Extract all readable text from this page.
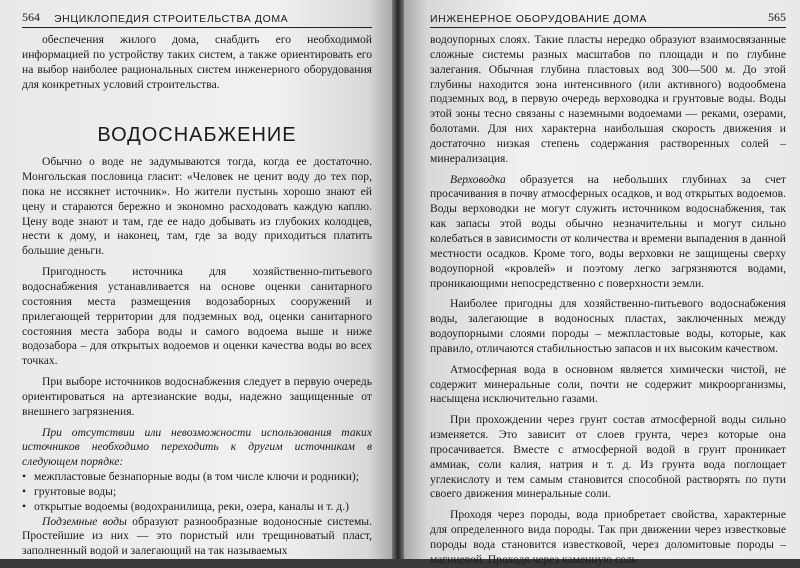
564 ЭНЦИКЛОПЕДИЯ СТРОИТЕЛЬСТВА ДОМА

обеспечения жилого дома, снабдить его необходимой информацией по устройству таких систем, а также ориентировать его на выбор наиболее рациональных систем инженерного оборудования для конкретных условий строительства.

ВОДОСНАБЖЕНИЕ

Обычно о воде не задумываются тогда, когда ее достаточно. Монгольская пословица гласит: «Человек не ценит воду до тех пор, пока не иссякнет источник». Но жители пустынь хорошо знают ей цену и стараются бережно и экономно расходовать каждую каплю. Цену воде знают и там, где ее надо добывать из глубоких колодцев, нести к дому, и наконец, там, где за воду приходиться платить большие деньги.

Пригодность источника для хозяйственно-питьевого водоснабжения устанавливается на основе оценки санитарного состояния места размещения водозаборных сооружений и прилегающей территории для подземных вод, оценки санитарного состояния места забора воды и самого водоема выше и ниже водозабора – для открытых водоемов и оценки качества воды во всех точках.

При выборе источников водоснабжения следует в первую очередь ориентироваться на артезианские воды, надежно защищенные от внешнего загрязнения.

При отсутствии или невозможности использования таких источников необходимо переходить к другим источникам в следующем порядке:

• межпластовые безнапорные воды (в том числе ключи и родники);
• грунтовые воды;
• открытые водоемы (водохранилища, реки, озера, каналы и т. д.)

Подземные воды образуют разнообразные водоносные системы. Простейшие из них — это пористый или трещиноватый пласт, заполненный водой и залегающий на так называемых

ИНЖЕНЕРНОЕ ОБОРУДОВАНИЕ ДОМА	565

водоупорных слоях. Такие пласты нередко образуют взаимосвязанные сложные системы разных масштабов по площади и по глубине залегания. Обычная глубина пластовых вод 300—500 м. До этой глубины находится зона интенсивного (или активного) водообмена подземных вод, в первую очередь верховодка и грунтовые воды. Воды этой зоны тесно связаны с наземными водоемами — реками, озерами, болотами. Для них характерна наибольшая скорость движения и достаточно низкая степень содержания растворенных солей – минерализация.

Верховодка образуется на небольших глубинах за счет просачивания в почву атмосферных осадков, и вод открытых водоемов. Воды верховодки не могут служить источником водоснабжения, так как запасы этой воды обычно незначительны и могут сильно колебаться в зависимости от количества и времени выпадения в данной местности осадков. Кроме того, воды верховки не защищены сверху водоупорной «кровлей» и поэтому легко загрязняются водами, проникающими непосредственно с поверхности земли.

Наиболее пригодны для хозяйственно-питьевого водоснабжения воды, залегающие в водоносных пластах, заключенных между водоупорными слоями породы – межпластовые воды, которые, как правило, отличаются стабильностью запасов и их высоким качеством.

Атмосферная вода в основном является химически чистой, не содержит минеральные соли, почти не содержит микроорганизмы, насыщена исключительно газами.

При прохождении через грунт состав атмосферной воды сильно изменяется. Это зависит от слоев грунта, через которые она просачивается. Вместе с атмосферной водой в грунт проникает аммиак, соли калия, натрия и т. д. Из грунта вода поглощает углекислоту и тем самым становится способной растворять по пути своего движения минеральные соли.

Проходя через породы, вода приобретает свойства, характерные для определенного вида породы. Так при движении через известковые породы вода становится известковой, через доломитовые породы – магниевой. Проходя через каменную соль
